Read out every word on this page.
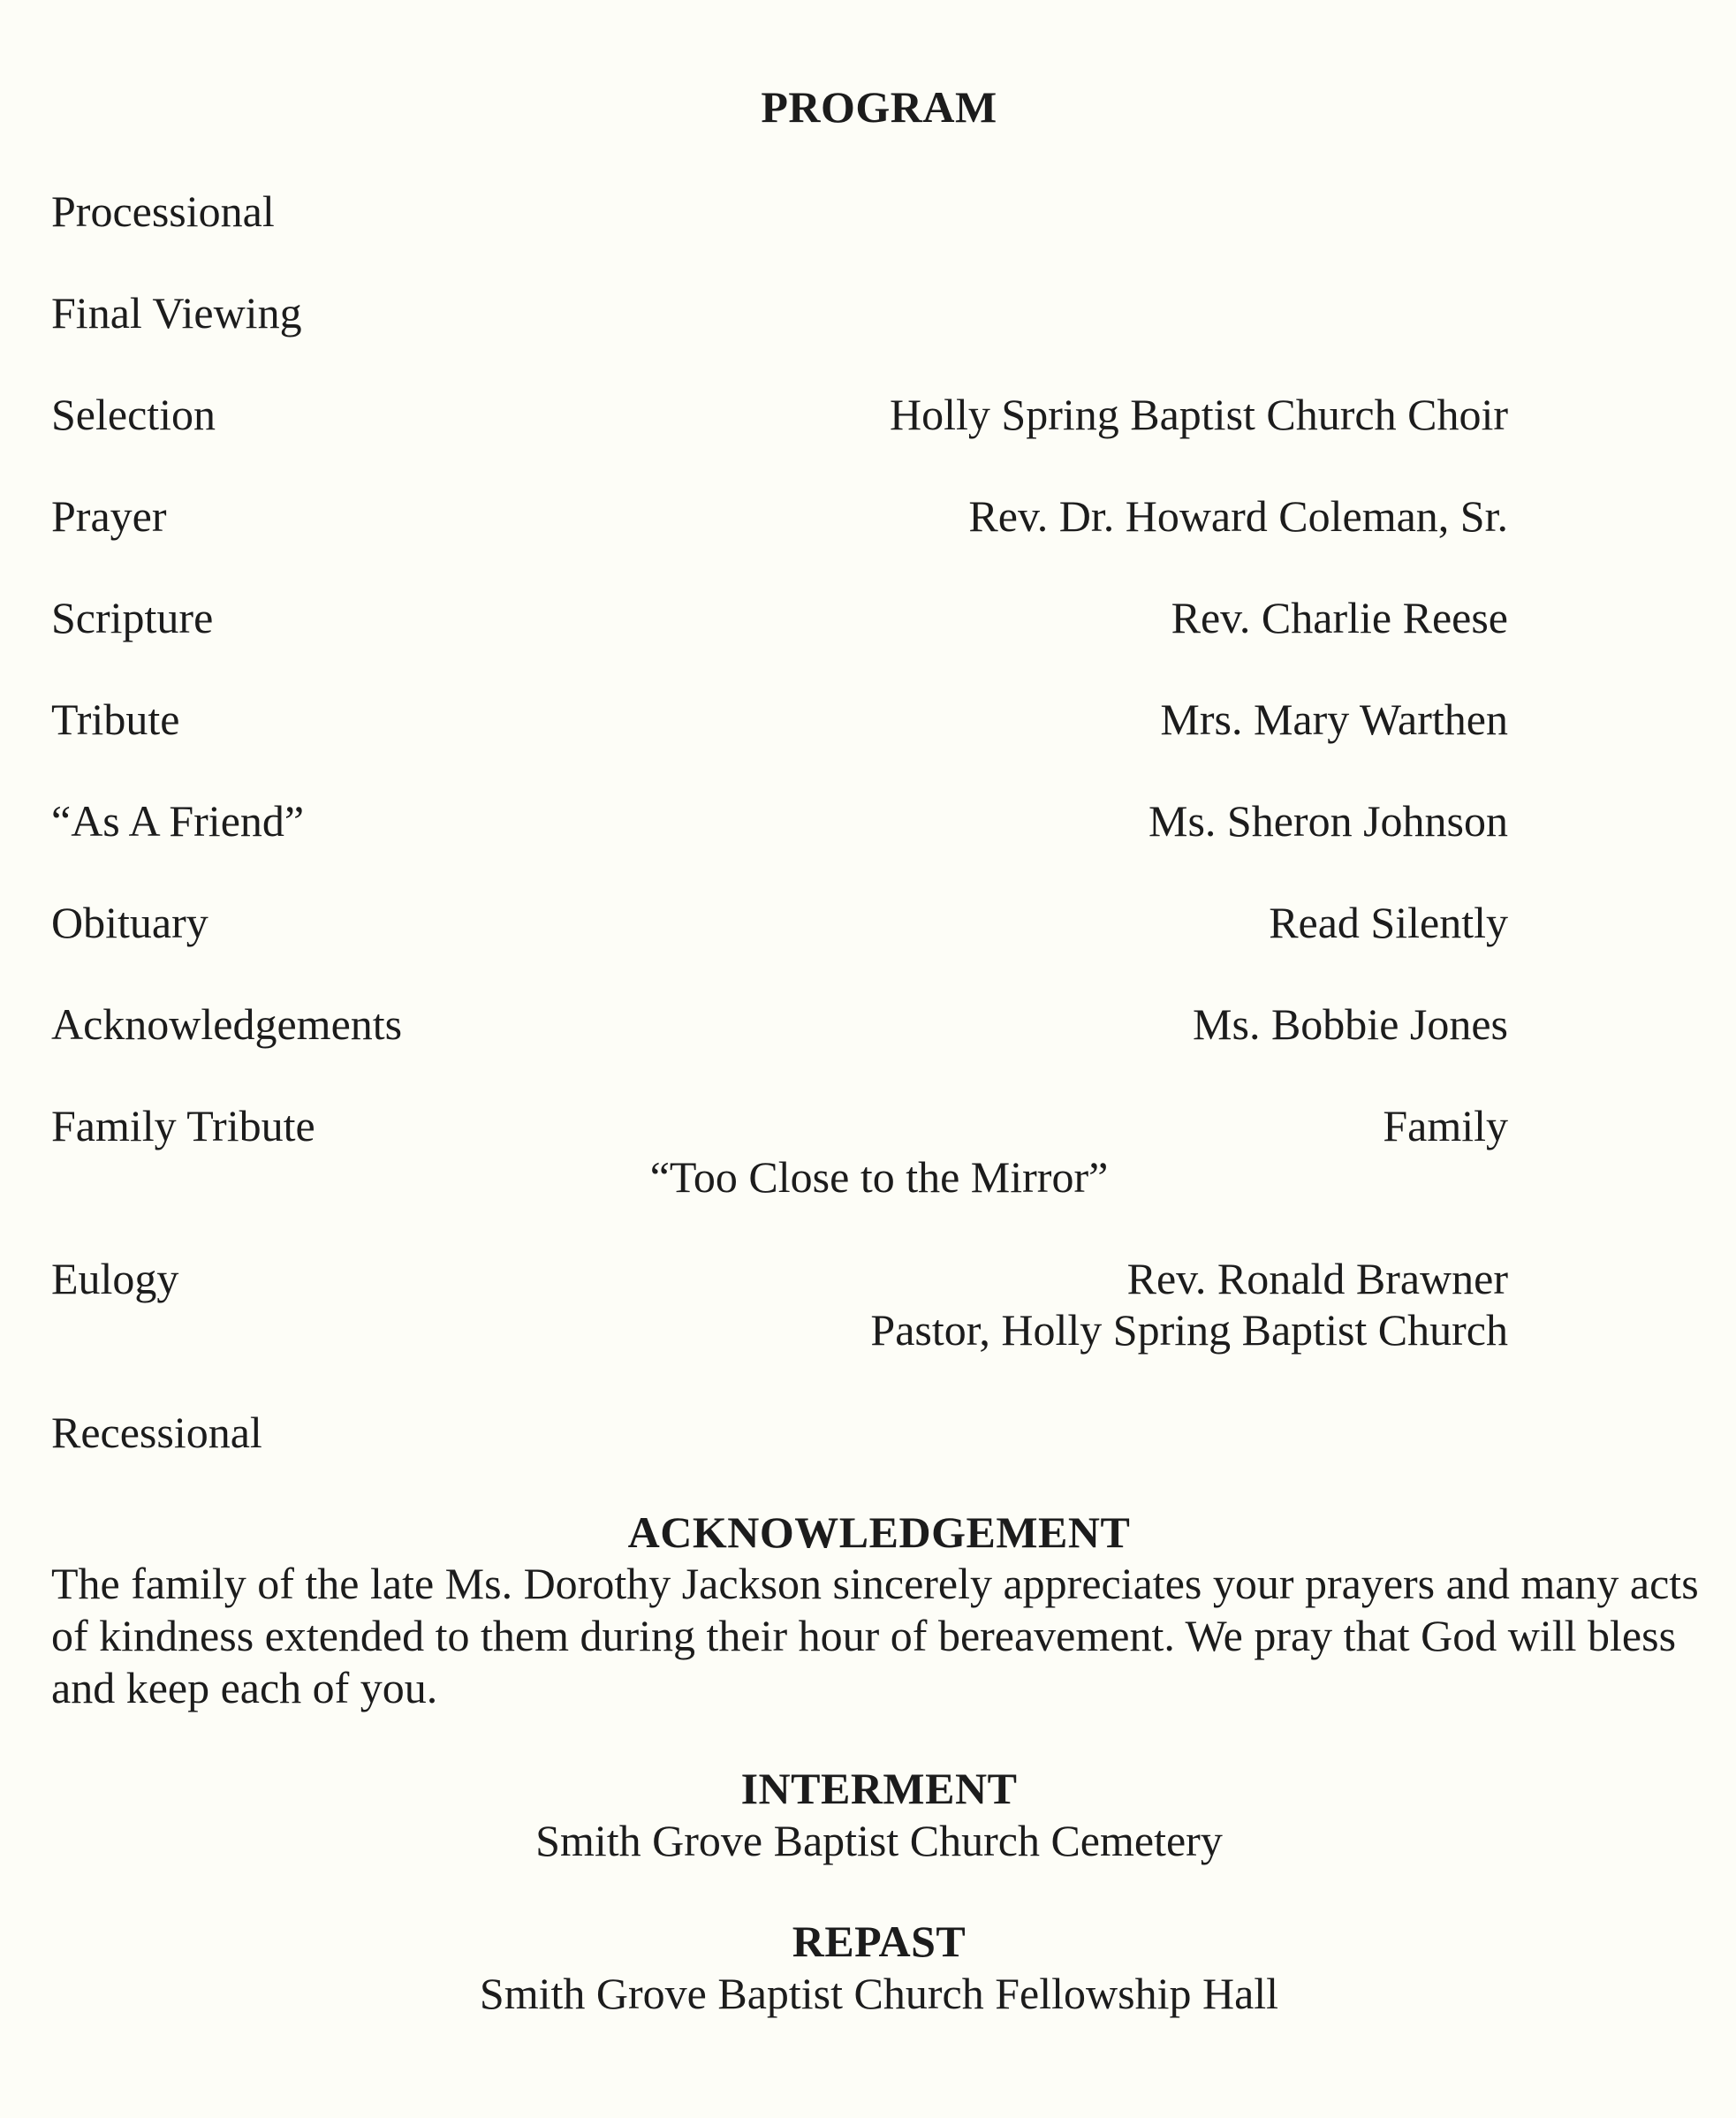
PROGRAM
Processional
Final Viewing
Selection	Holly Spring Baptist Church Choir
Prayer	Rev. Dr. Howard Coleman, Sr.
Scripture	Rev. Charlie Reese
Tribute	Mrs. Mary Warthen
“As A Friend”	Ms. Sheron Johnson
Obituary	Read Silently
Acknowledgements	Ms. Bobbie Jones
Family Tribute	Family
“Too Close to the Mirror”
Eulogy	Rev. Ronald Brawner
Pastor, Holly Spring Baptist Church
Recessional
ACKNOWLEDGEMENT
The family of the late Ms. Dorothy Jackson sincerely appreciates your prayers and many acts of kindness extended to them during their hour of bereavement. We pray that God will bless and keep each of you.
INTERMENT
Smith Grove Baptist Church Cemetery
REPAST
Smith Grove Baptist Church Fellowship Hall
